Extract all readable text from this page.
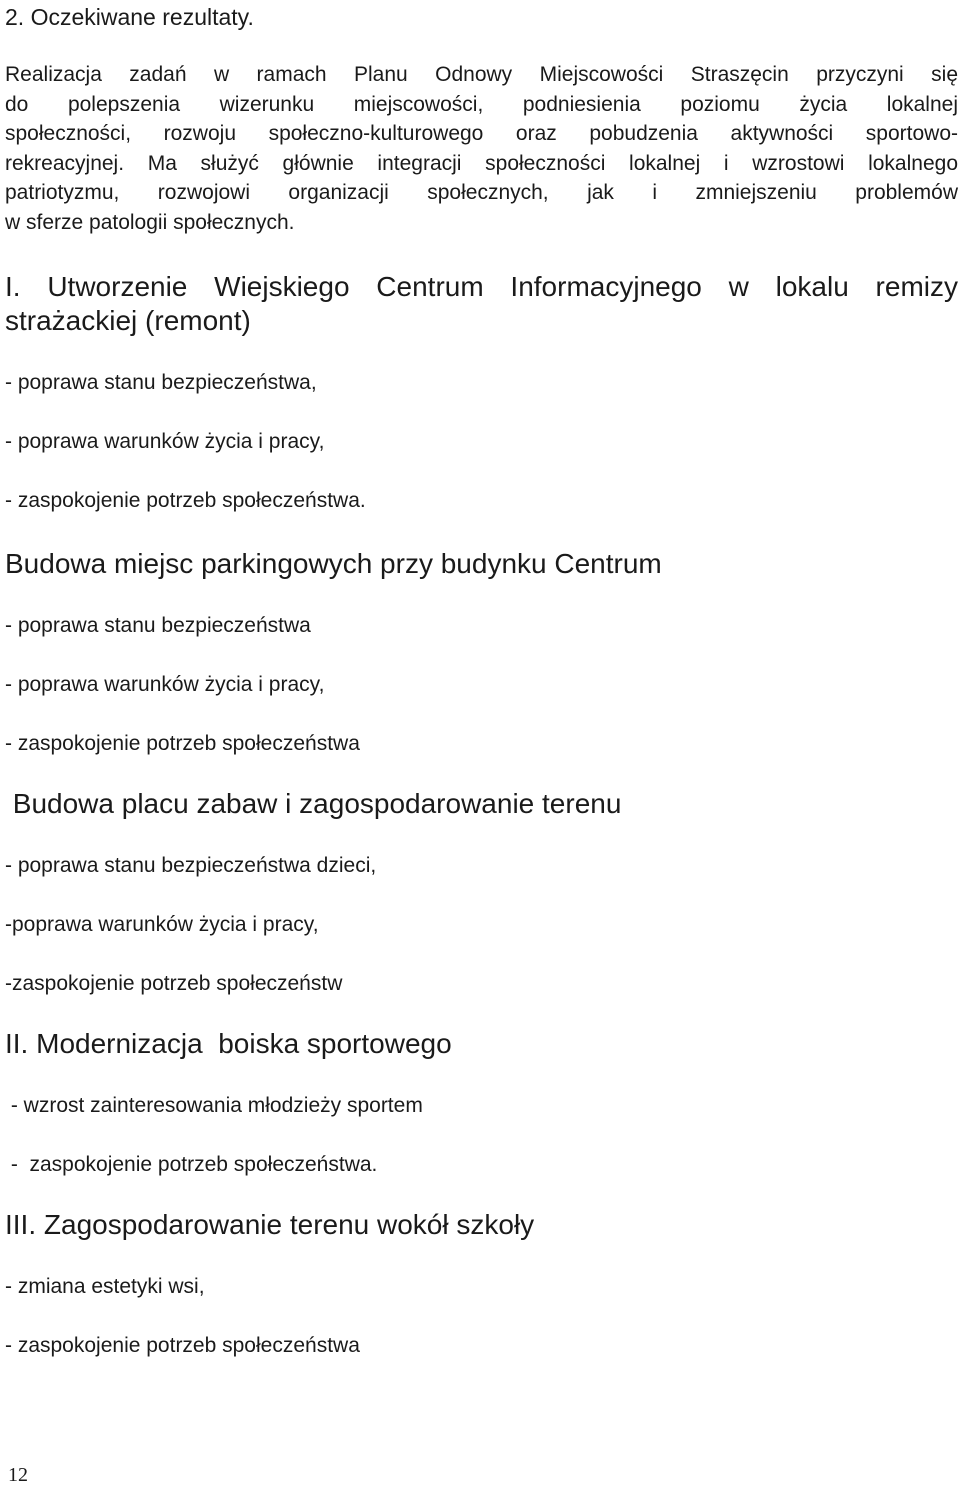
2. Oczekiwane rezultaty.
Realizacja zadań w ramach Planu Odnowy Miejscowości Straszęcin przyczyni się
do polepszenia wizerunku miejscowości, podniesienia poziomu życia lokalnej
społeczności, rozwoju społeczno-kulturowego oraz pobudzenia aktywności sportowo-
rekreacyjnej. Ma służyć głównie integracji społeczności lokalnej i wzrostowi lokalnego
patriotyzmu, rozwojowi organizacji społecznych, jak i zmniejszeniu problemów
w sferze patologii społecznych.
I. Utworzenie Wiejskiego Centrum Informacyjnego w lokalu remizy
strażackiej (remont)
- poprawa stanu bezpieczeństwa,
- poprawa warunków życia i pracy,
- zaspokojenie potrzeb społeczeństwa.
Budowa miejsc parkingowych przy budynku Centrum
- poprawa stanu bezpieczeństwa
- poprawa warunków życia i pracy,
- zaspokojenie potrzeb społeczeństwa
Budowa placu zabaw i zagospodarowanie terenu
- poprawa stanu bezpieczeństwa dzieci,
-poprawa warunków życia i pracy,
-zaspokojenie potrzeb społeczeństw
II. Modernizacja  boiska sportowego
- wzrost zainteresowania młodzieży sportem
-  zaspokojenie potrzeb społeczeństwa.
III. Zagospodarowanie terenu wokół szkoły
- zmiana estetyki wsi,
- zaspokojenie potrzeb społeczeństwa
12
